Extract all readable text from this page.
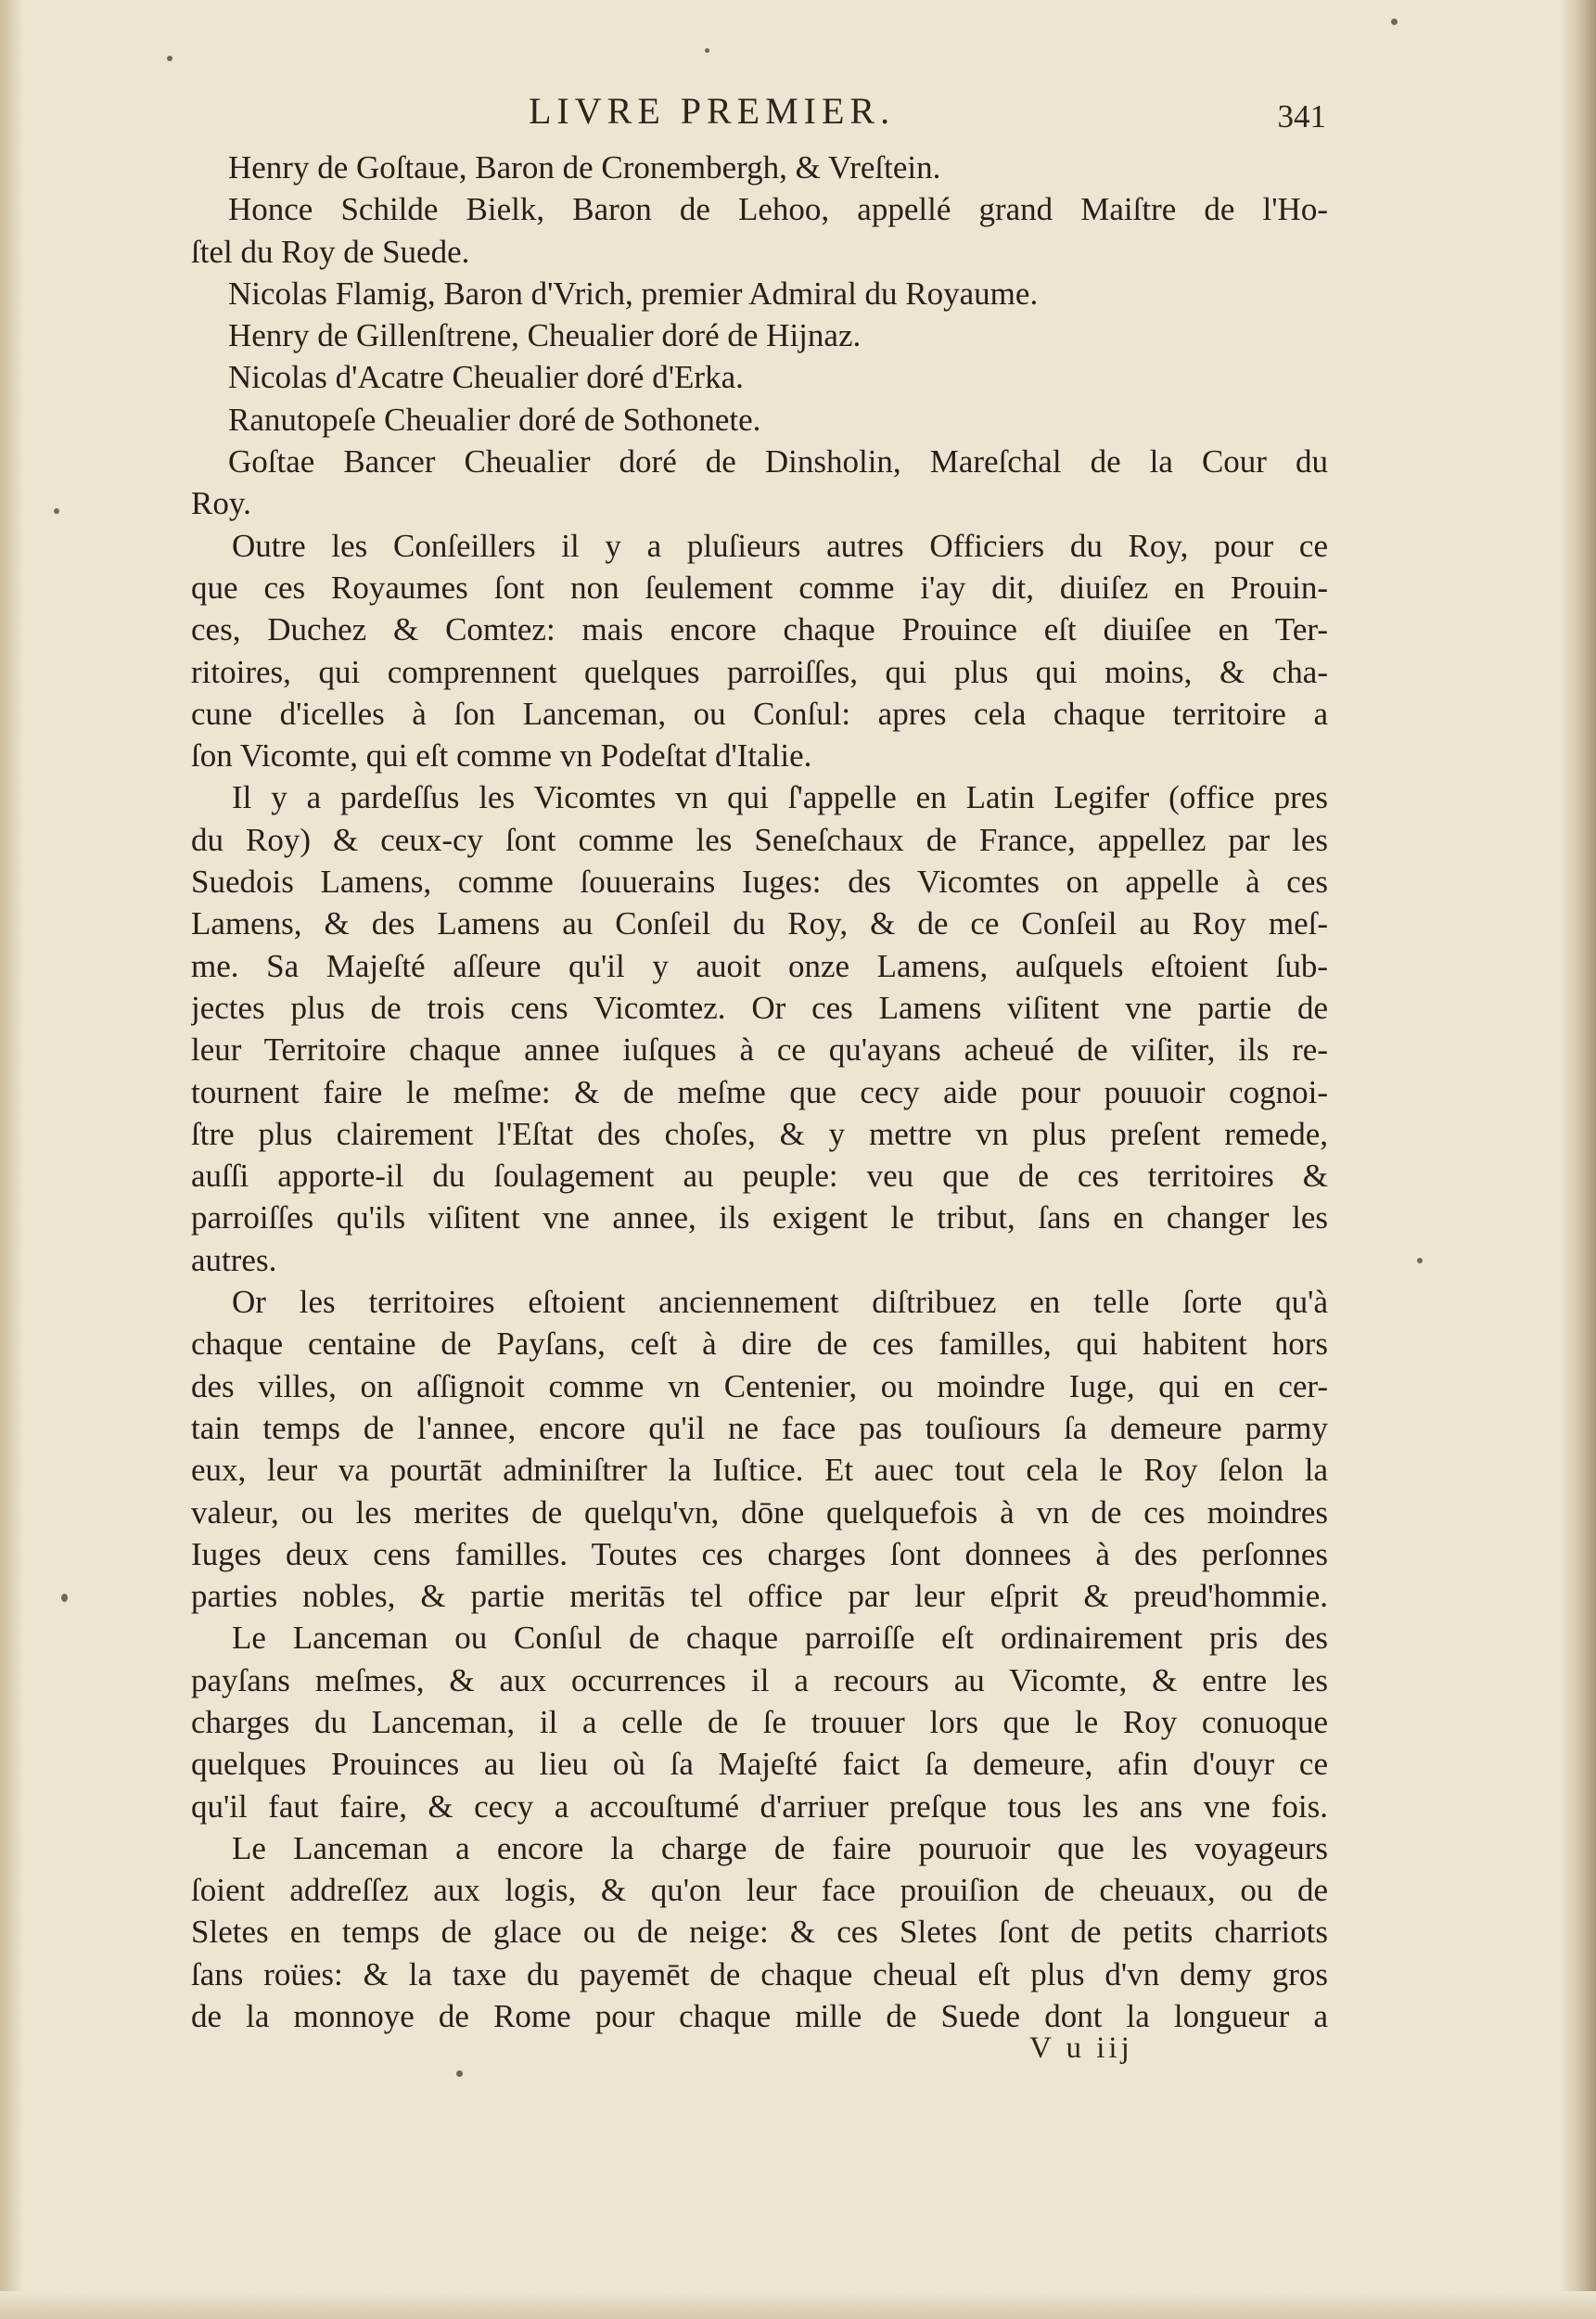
LIVRE PREMIER.	341
Henry de Goſtaue, Baron de Cronembergh, & Vreſtein.
Honce Schilde Bielk, Baron de Lehoo, appellé grand Maiſtre de l'Ho-
ſtel du Roy de Suede.
Nicolas Flamig, Baron d'Vrich, premier Admiral du Royaume.
Henry de Gillenſtrene, Cheualier doré de Hijnaz.
Nicolas d'Acatre Cheualier doré d'Erka.
Ranutopeſe Cheualier doré de Sothonete.
Goſtae Bancer Cheualier doré de Dinsholin, Mareſchal de la Cour du
Roy.
Outre les Conſeillers il y a pluſieurs autres Officiers du Roy, pour ce
que ces Royaumes ſont non ſeulement comme i'ay dit, diuiſez en Prouin-
ces, Duchez & Comtez: mais encore chaque Prouince eſt diuiſee en Ter-
ritoires, qui comprennent quelques parroiſſes, qui plus qui moins, & cha-
cune d'icelles à ſon Lanceman, ou Conſul: apres cela chaque territoire a
ſon Vicomte, qui eſt comme vn Podeſtat d'Italie.
Il y a pardeſſus les Vicomtes vn qui ſ'appelle en Latin Legifer (office pres
du Roy) & ceux-cy ſont comme les Seneſchaux de France, appellez par les
Suedois Lamens, comme ſouuerains Iuges: des Vicomtes on appelle à ces
Lamens, & des Lamens au Conſeil du Roy, & de ce Conſeil au Roy meſ-
me. Sa Majeſté aſſeure qu'il y auoit onze Lamens, auſquels eſtoient ſub-
jectes plus de trois cens Vicomtez. Or ces Lamens viſitent vne partie de
leur Territoire chaque annee iuſques à ce qu'ayans acheué de viſiter, ils re-
tournent faire le meſme: & de meſme que cecy aide pour pouuoir cognoi-
ſtre plus clairement l'Eſtat des choſes, & y mettre vn plus preſent remede,
auſſi apporte-il du ſoulagement au peuple: veu que de ces territoires &
parroiſſes qu'ils viſitent vne annee, ils exigent le tribut, ſans en changer les
autres.
Or les territoires eſtoient anciennement diſtribuez en telle ſorte qu'à
chaque centaine de Payſans, ceſt à dire de ces familles, qui habitent hors
des villes, on aſſignoit comme vn Centenier, ou moindre Iuge, qui en cer-
tain temps de l'annee, encore qu'il ne face pas touſiours ſa demeure parmy
eux, leur va pourtāt adminiſtrer la Iuſtice. Et auec tout cela le Roy ſelon la
valeur, ou les merites de quelqu'vn, dōne quelquefois à vn de ces moindres
Iuges deux cens familles. Toutes ces charges ſont donnees à des perſonnes
parties nobles, & partie meritās tel office par leur eſprit & preud'hommie.
Le Lanceman ou Conſul de chaque parroiſſe eſt ordinairement pris des
payſans meſmes, & aux occurrences il a recours au Vicomte, & entre les
charges du Lanceman, il a celle de ſe trouuer lors que le Roy conuoque
quelques Prouinces au lieu où ſa Majeſté faict ſa demeure, afin d'ouyr ce
qu'il faut faire, & cecy a accouſtumé d'arriuer preſque tous les ans vne fois.
Le Lanceman a encore la charge de faire pouruoir que les voyageurs
ſoient addreſſez aux logis, & qu'on leur face prouiſion de cheuaux, ou de
Sletes en temps de glace ou de neige: & ces Sletes ſont de petits charriots
ſans roües: & la taxe du payemēt de chaque cheual eſt plus d'vn demy gros
de la monnoye de Rome pour chaque mille de Suede dont la longueur a
V u iij
